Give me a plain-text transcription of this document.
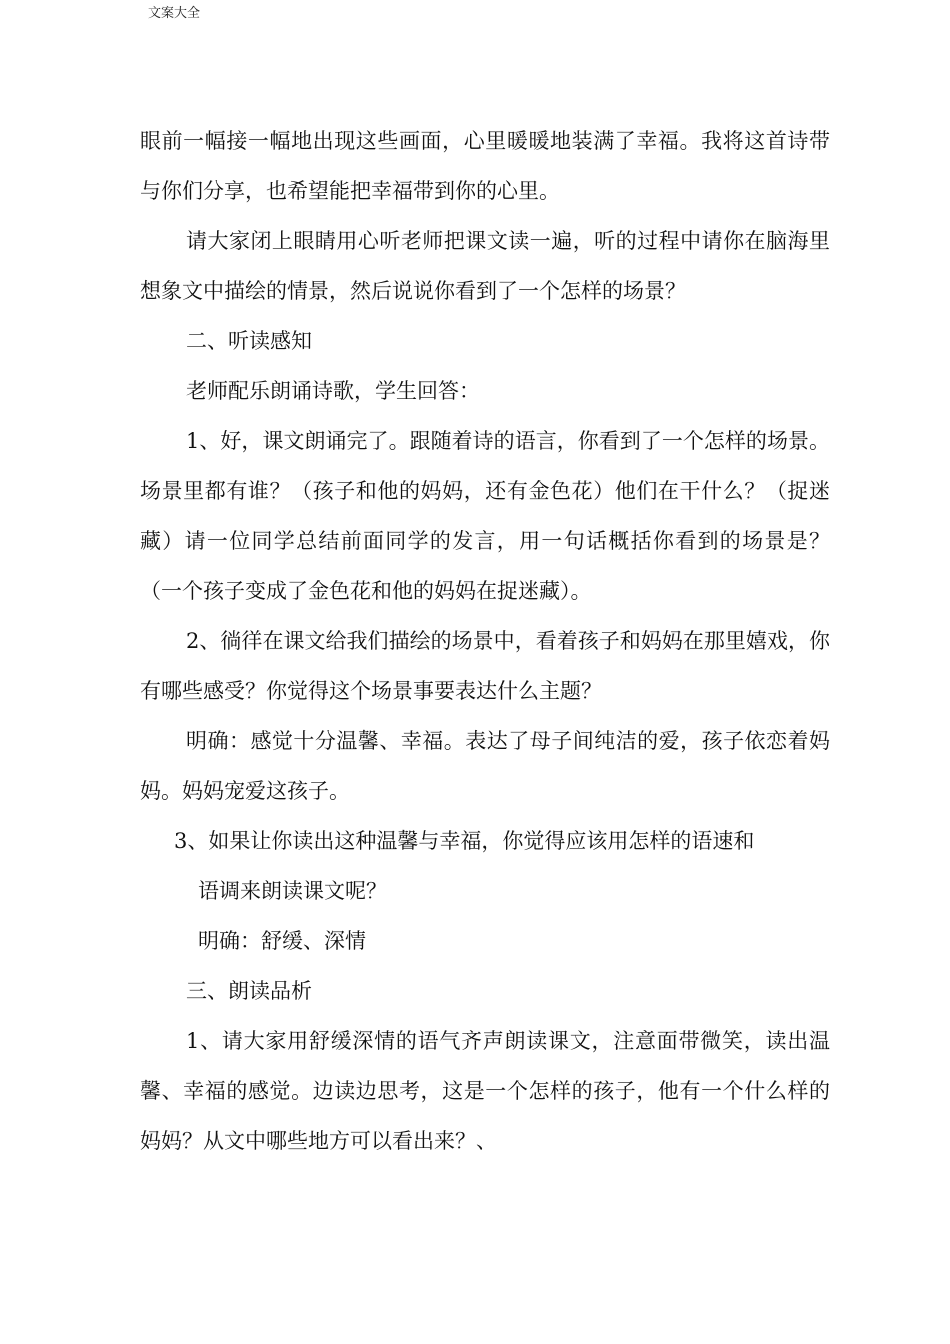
文案大全

眼前一幅接一幅地出现这些画面，心里暖暖地装满了幸福。我将这首诗带与你们分享，也希望能把幸福带到你的心里。

请大家闭上眼睛用心听老师把课文读一遍，听的过程中请你在脑海里想象文中描绘的情景，然后说说你看到了一个怎样的场景？

二、听读感知

老师配乐朗诵诗歌，学生回答：

1、好，课文朗诵完了。跟随着诗的语言，你看到了一个怎样的场景。场景里都有谁？（孩子和他的妈妈，还有金色花）他们在干什么？（捉迷藏）请一位同学总结前面同学的发言，用一句话概括你看到的场景是？（一个孩子变成了金色花和他的妈妈在捉迷藏）。

2、徜徉在课文给我们描绘的场景中，看着孩子和妈妈在那里嬉戏，你有哪些感受？你觉得这个场景事要表达什么主题？

明确：感觉十分温馨、幸福。表达了母子间纯洁的爱，孩子依恋着妈妈。妈妈宠爱这孩子。

3、如果让你读出这种温馨与幸福，你觉得应该用怎样的语速和

语调来朗读课文呢？

明确：舒缓、深情

三、朗读品析

1、请大家用舒缓深情的语气齐声朗读课文，注意面带微笑，读出温馨、幸福的感觉。边读边思考，这是一个怎样的孩子，他有一个什么样的妈妈？从文中哪些地方可以看出来？、
